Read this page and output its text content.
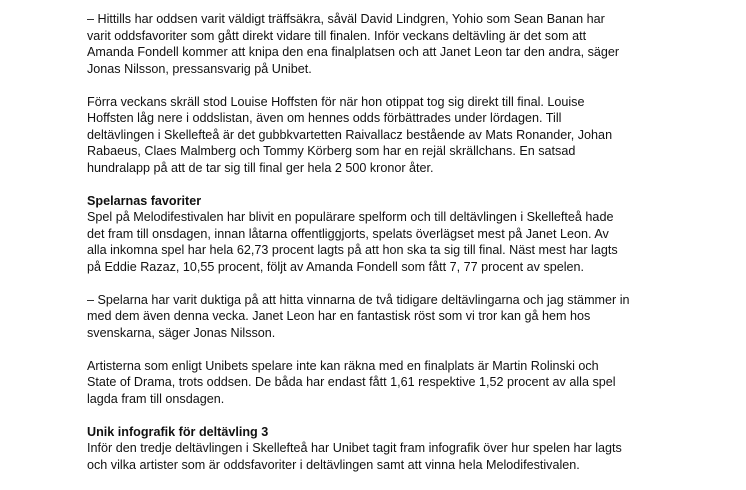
– Hittills har oddsen varit väldigt träffsäkra, såväl David Lindgren, Yohio som Sean Banan har
varit oddsfavoriter som gått direkt vidare till finalen. Inför veckans deltävling är det som att
Amanda Fondell kommer att knipa den ena finalplatsen och att Janet Leon tar den andra, säger
Jonas Nilsson, pressansvarig på Unibet.
Förra veckans skräll stod Louise Hoffsten för när hon otippat tog sig direkt till final. Louise
Hoffsten låg nere i oddslistan, även om hennes odds förbättrades under lördagen. Till
deltävlingen i Skellefteå är det gubbkvartetten Raivallacz bestående av Mats Ronander, Johan
Rabaeus, Claes Malmberg och Tommy Körberg som har en rejäl skrällchans. En satsad
hundralapp på att de tar sig till final ger hela 2 500 kronor åter.
Spelarnas favoriter
Spel på Melodifestivalen har blivit en populärare spelform och till deltävlingen i Skellefteå hade
det fram till onsdagen, innan låtarna offentliggjorts, spelats överlägset mest på Janet Leon. Av
alla inkomna spel har hela 62,73 procent lagts på att hon ska ta sig till final. Näst mest har lagts
på Eddie Razaz, 10,55 procent, följt av Amanda Fondell som fått 7, 77 procent av spelen.
– Spelarna har varit duktiga på att hitta vinnarna de två tidigare deltävlingarna och jag stämmer in
med dem även denna vecka. Janet Leon har en fantastisk röst som vi tror kan gå hem hos
svenskarna, säger Jonas Nilsson.
Artisterna som enligt Unibets spelare inte kan räkna med en finalplats är Martin Rolinski och
State of Drama, trots oddsen. De båda har endast fått 1,61 respektive 1,52 procent av alla spel
lagda fram till onsdagen.
Unik infografik för deltävling 3
Inför den tredje deltävlingen i Skellefteå har Unibet tagit fram infografik över hur spelen har lagts
och vilka artister som är oddsfavoriter i deltävlingen samt att vinna hela Melodifestivalen.
